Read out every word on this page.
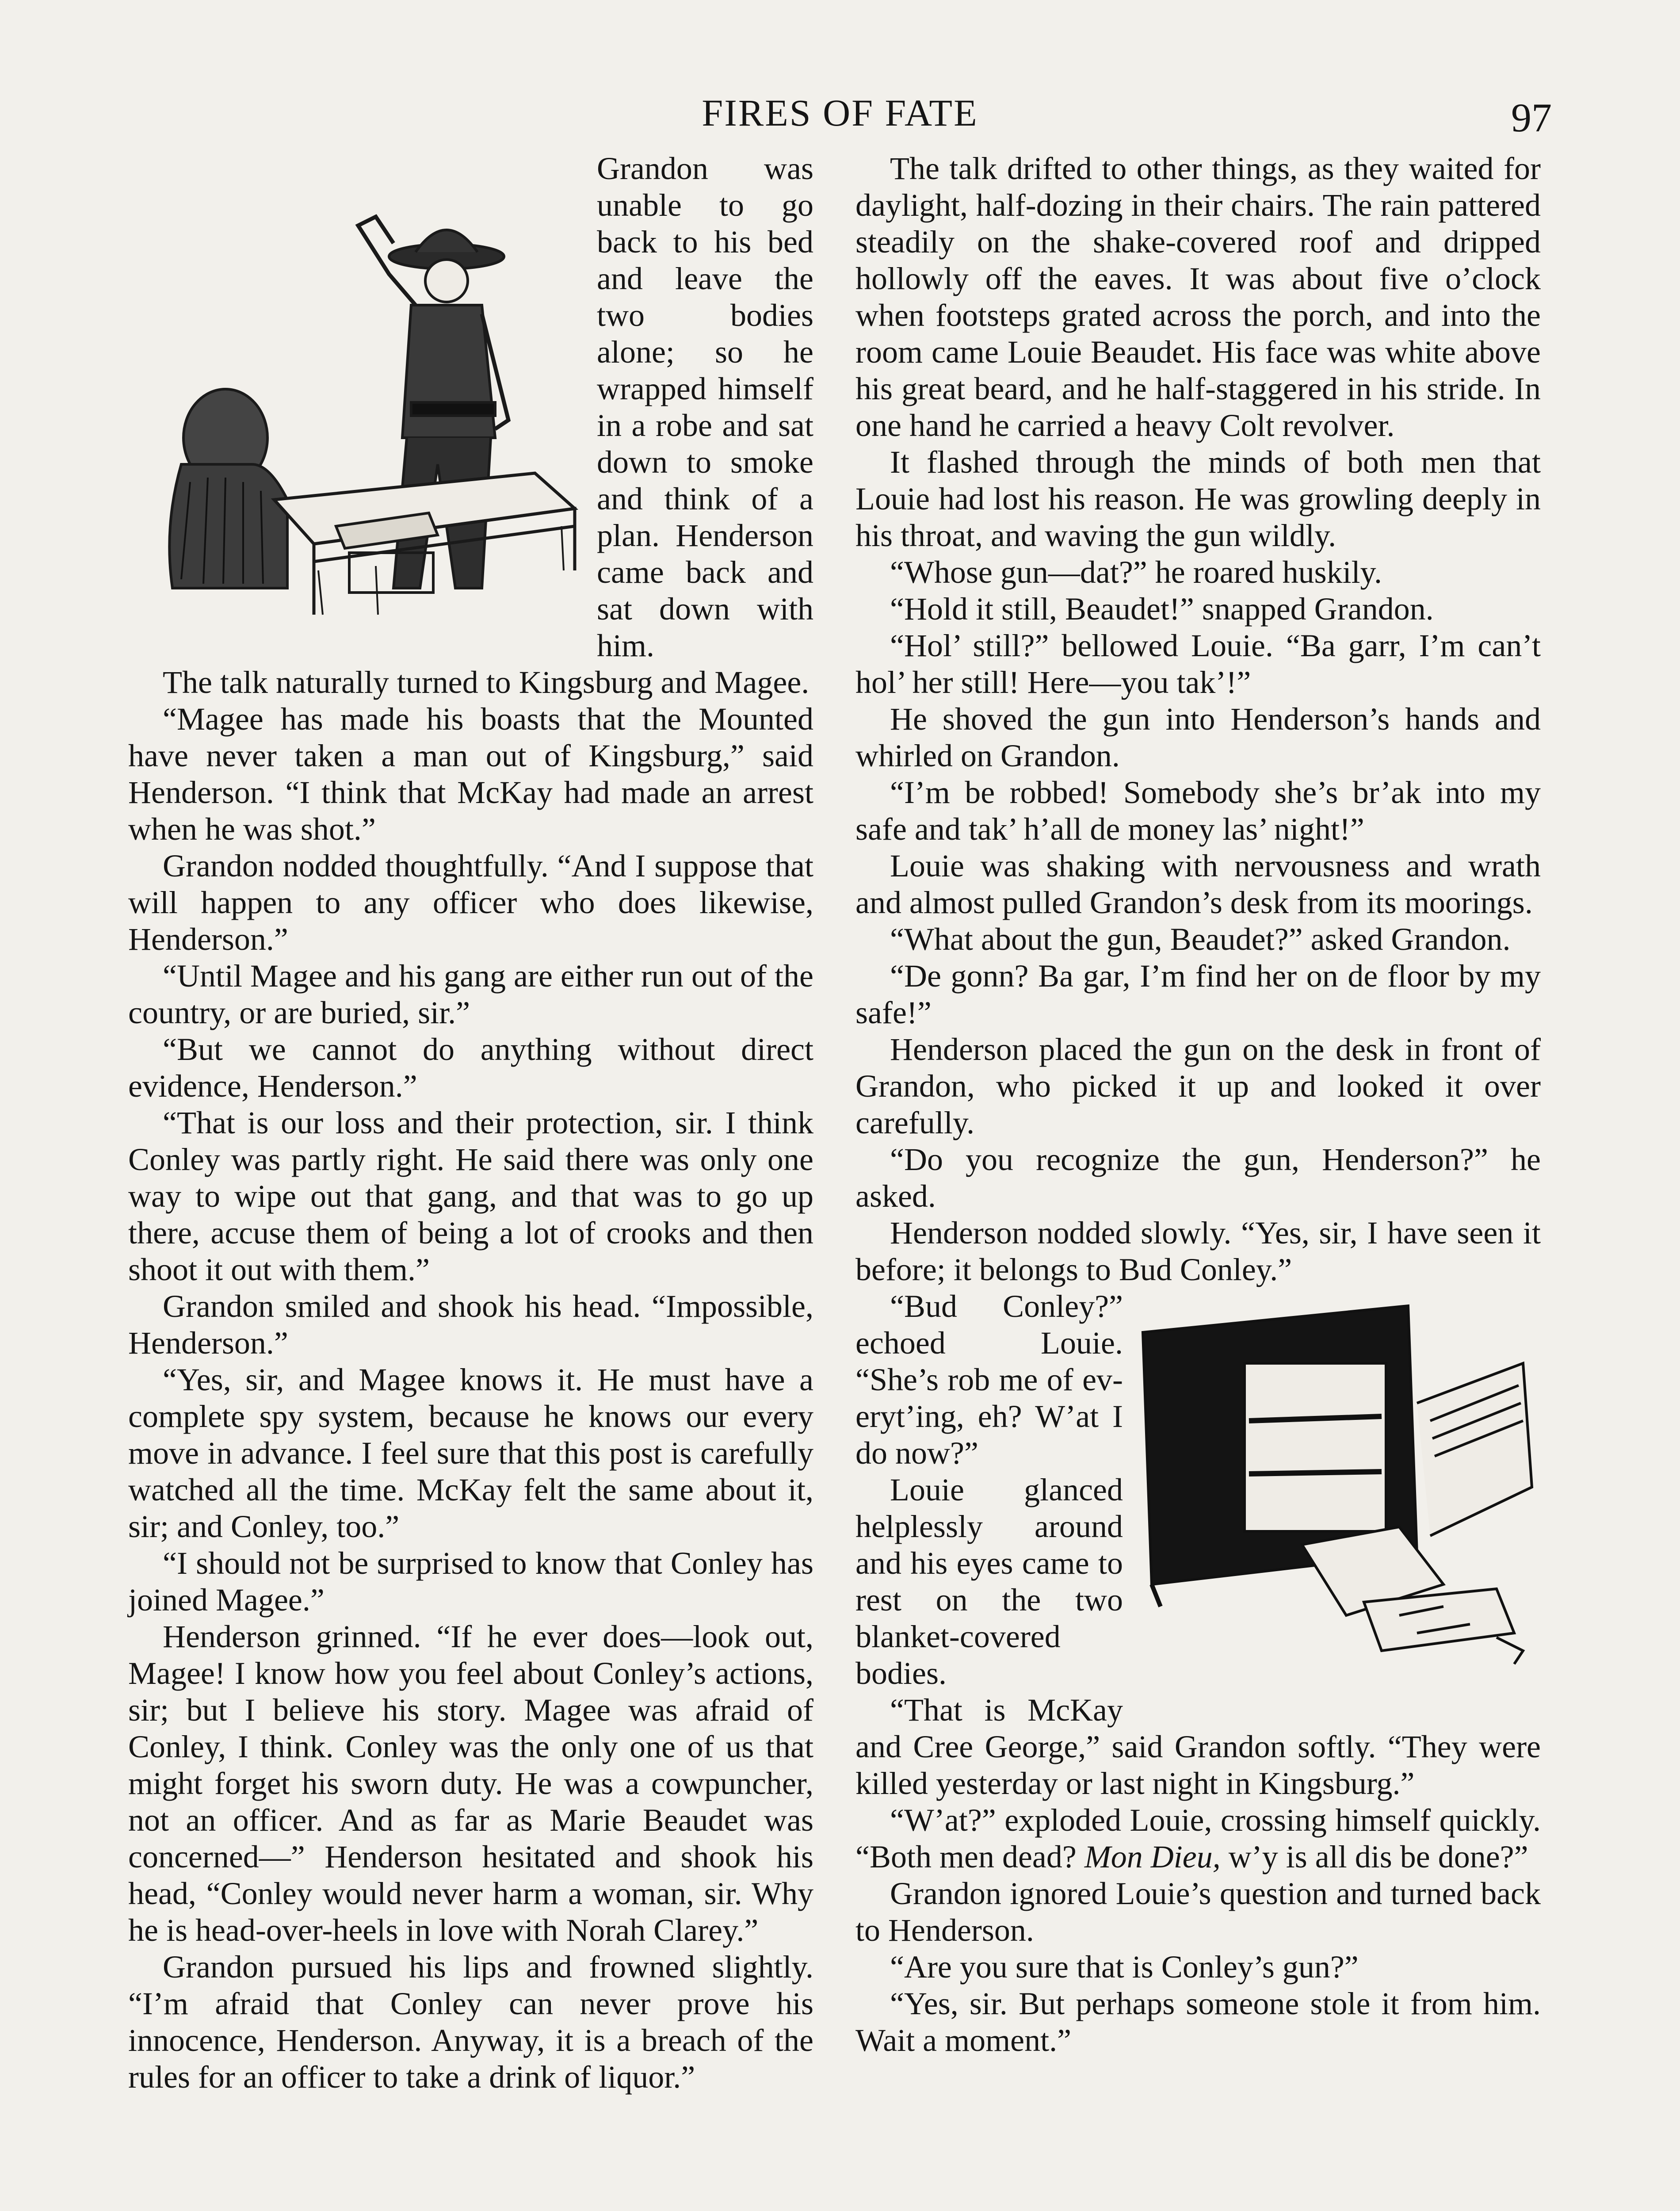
FIRES OF FATE	97

Grandon was unable to go back to his bed and leave the two bodies alone; so he wrapped himself in a robe and sat down to smoke and think of a plan. Henderson came back and sat down with him.

The talk naturally turned to Kingsburg and Magee.

“Magee has made his boasts that the Mounted have never taken a man out of Kingsburg,” said Henderson. “I think that McKay had made an arrest when he was shot.”

Grandon nodded thoughtfully. “And I suppose that will happen to any officer who does likewise, Henderson.”

“Until Magee and his gang are either run out of the country, or are buried, sir.”

“But we cannot do anything without direct evidence, Henderson.”

“That is our loss and their protection, sir. I think Conley was partly right. He said there was only one way to wipe out that gang, and that was to go up there, accuse them of being a lot of crooks and then shoot it out with them.”

Grandon smiled and shook his head. “Impossible, Henderson.”

“Yes, sir, and Magee knows it. He must have a complete spy system, because he knows our every move in advance. I feel sure that this post is carefully watched all the time. McKay felt the same about it, sir; and Conley, too.”

“I should not be surprised to know that Conley has joined Magee.”

Henderson grinned. “If he ever does—look out, Magee! I know how you feel about Conley’s actions, sir; but I believe his story. Magee was afraid of Conley, I think. Conley was the only one of us that might forget his sworn duty. He was a cowpuncher, not an officer. And as far as Marie Beaudet was concerned—” Henderson hesitated and shook his head, “Conley would never harm a woman, sir. Why he is head-over-heels in love with Norah Clarey.”

Grandon pursued his lips and frowned slightly. “I’m afraid that Conley can never prove his innocence, Henderson. Anyway, it is a breach of the rules for an officer to take a drink of liquor.”

The talk drifted to other things, as they waited for daylight, half-dozing in their chairs. The rain pattered steadily on the shake-covered roof and dripped hollowly off the eaves. It was about five o’clock when footsteps grated across the porch, and into the room came Louie Beaudet. His face was white above his great beard, and he half-staggered in his stride. In one hand he carried a heavy Colt revolver.

It flashed through the minds of both men that Louie had lost his reason. He was growling deeply in his throat, and waving the gun wildly.

“Whose gun—dat?” he roared huskily.

“Hold it still, Beaudet!” snapped Grandon.

“Hol’ still?” bellowed Louie. “Ba garr, I’m can’t hol’ her still! Here—you tak’!”

He shoved the gun into Henderson’s hands and whirled on Grandon.

“I’m be robbed! Somebody she’s br’ak into my safe and tak’ h’all de money las’ night!”

Louie was shaking with nervousness and wrath and almost pulled Grandon’s desk from its moorings.

“What about the gun, Beaudet?” asked Grandon.

“De gonn? Ba gar, I’m find her on de floor by my safe!”

Henderson placed the gun on the desk in front of Grandon, who picked it up and looked it over carefully.

“Do you recognize the gun, Henderson?” he asked.

Henderson nodded slowly. “Yes, sir, I have seen it before; it belongs to Bud Conley.”

“Bud Conley?” echoed Louie. “She’s rob me of ev-eryt’ing, eh? W’at I do now?”

Louie glanced helplessly around and his eyes came to rest on the two blanket-covered bodies.

“That is McKay and Cree George,” said Grandon softly. “They were killed yesterday or last night in Kingsburg.”

“W’at?” exploded Louie, crossing himself quickly. “Both men dead? Mon Dieu, w’y is all dis be done?”

Grandon ignored Louie’s question and turned back to Henderson.

“Are you sure that is Conley’s gun?”

“Yes, sir. But perhaps someone stole it from him. Wait a moment.”
